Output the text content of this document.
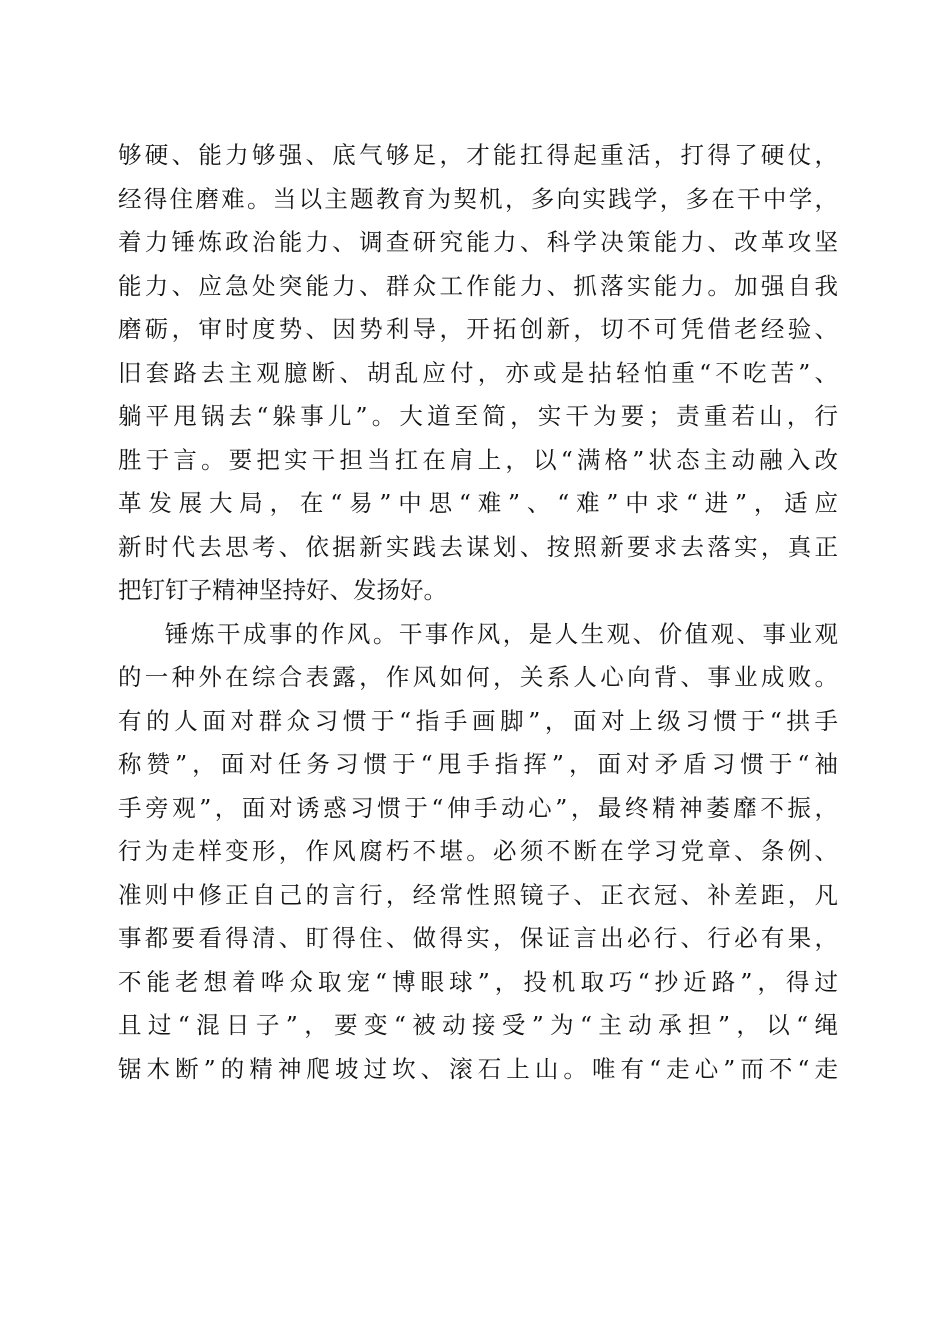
够硬、能力够强、底气够足，才能扛得起重活，打得了硬仗，
经得住磨难。当以主题教育为契机，多向实践学，多在干中学，
着力锤炼政治能力、调查研究能力、科学决策能力、改革攻坚
能力、应急处突能力、群众工作能力、抓落实能力。加强自我
磨砺，审时度势、因势利导，开拓创新，切不可凭借老经验、
旧套路去主观臆断、胡乱应付，亦或是拈轻怕重“不吃苦”、
躺平甩锅去“躲事儿”。大道至简，实干为要；责重若山，行
胜于言。要把实干担当扛在肩上，以“满格”状态主动融入改
革发展大局，在“易”中思“难”、“难”中求“进”，适应
新时代去思考、依据新实践去谋划、按照新要求去落实，真正
把钉钉子精神坚持好、发扬好。
锤炼干成事的作风。干事作风，是人生观、价值观、事业观
的一种外在综合表露，作风如何，关系人心向背、事业成败。
有的人面对群众习惯于“指手画脚”，面对上级习惯于“拱手
称赞”，面对任务习惯于“甩手指挥”，面对矛盾习惯于“袖
手旁观”，面对诱惑习惯于“伸手动心”，最终精神萎靡不振，
行为走样变形，作风腐朽不堪。必须不断在学习党章、条例、
准则中修正自己的言行，经常性照镜子、正衣冠、补差距，凡
事都要看得清、盯得住、做得实，保证言出必行、行必有果，
不能老想着哗众取宠“博眼球”，投机取巧“抄近路”，得过
且过“混日子”，要变“被动接受”为“主动承担”，以“绳
锯木断”的精神爬坡过坎、滚石上山。唯有“走心”而不“走
